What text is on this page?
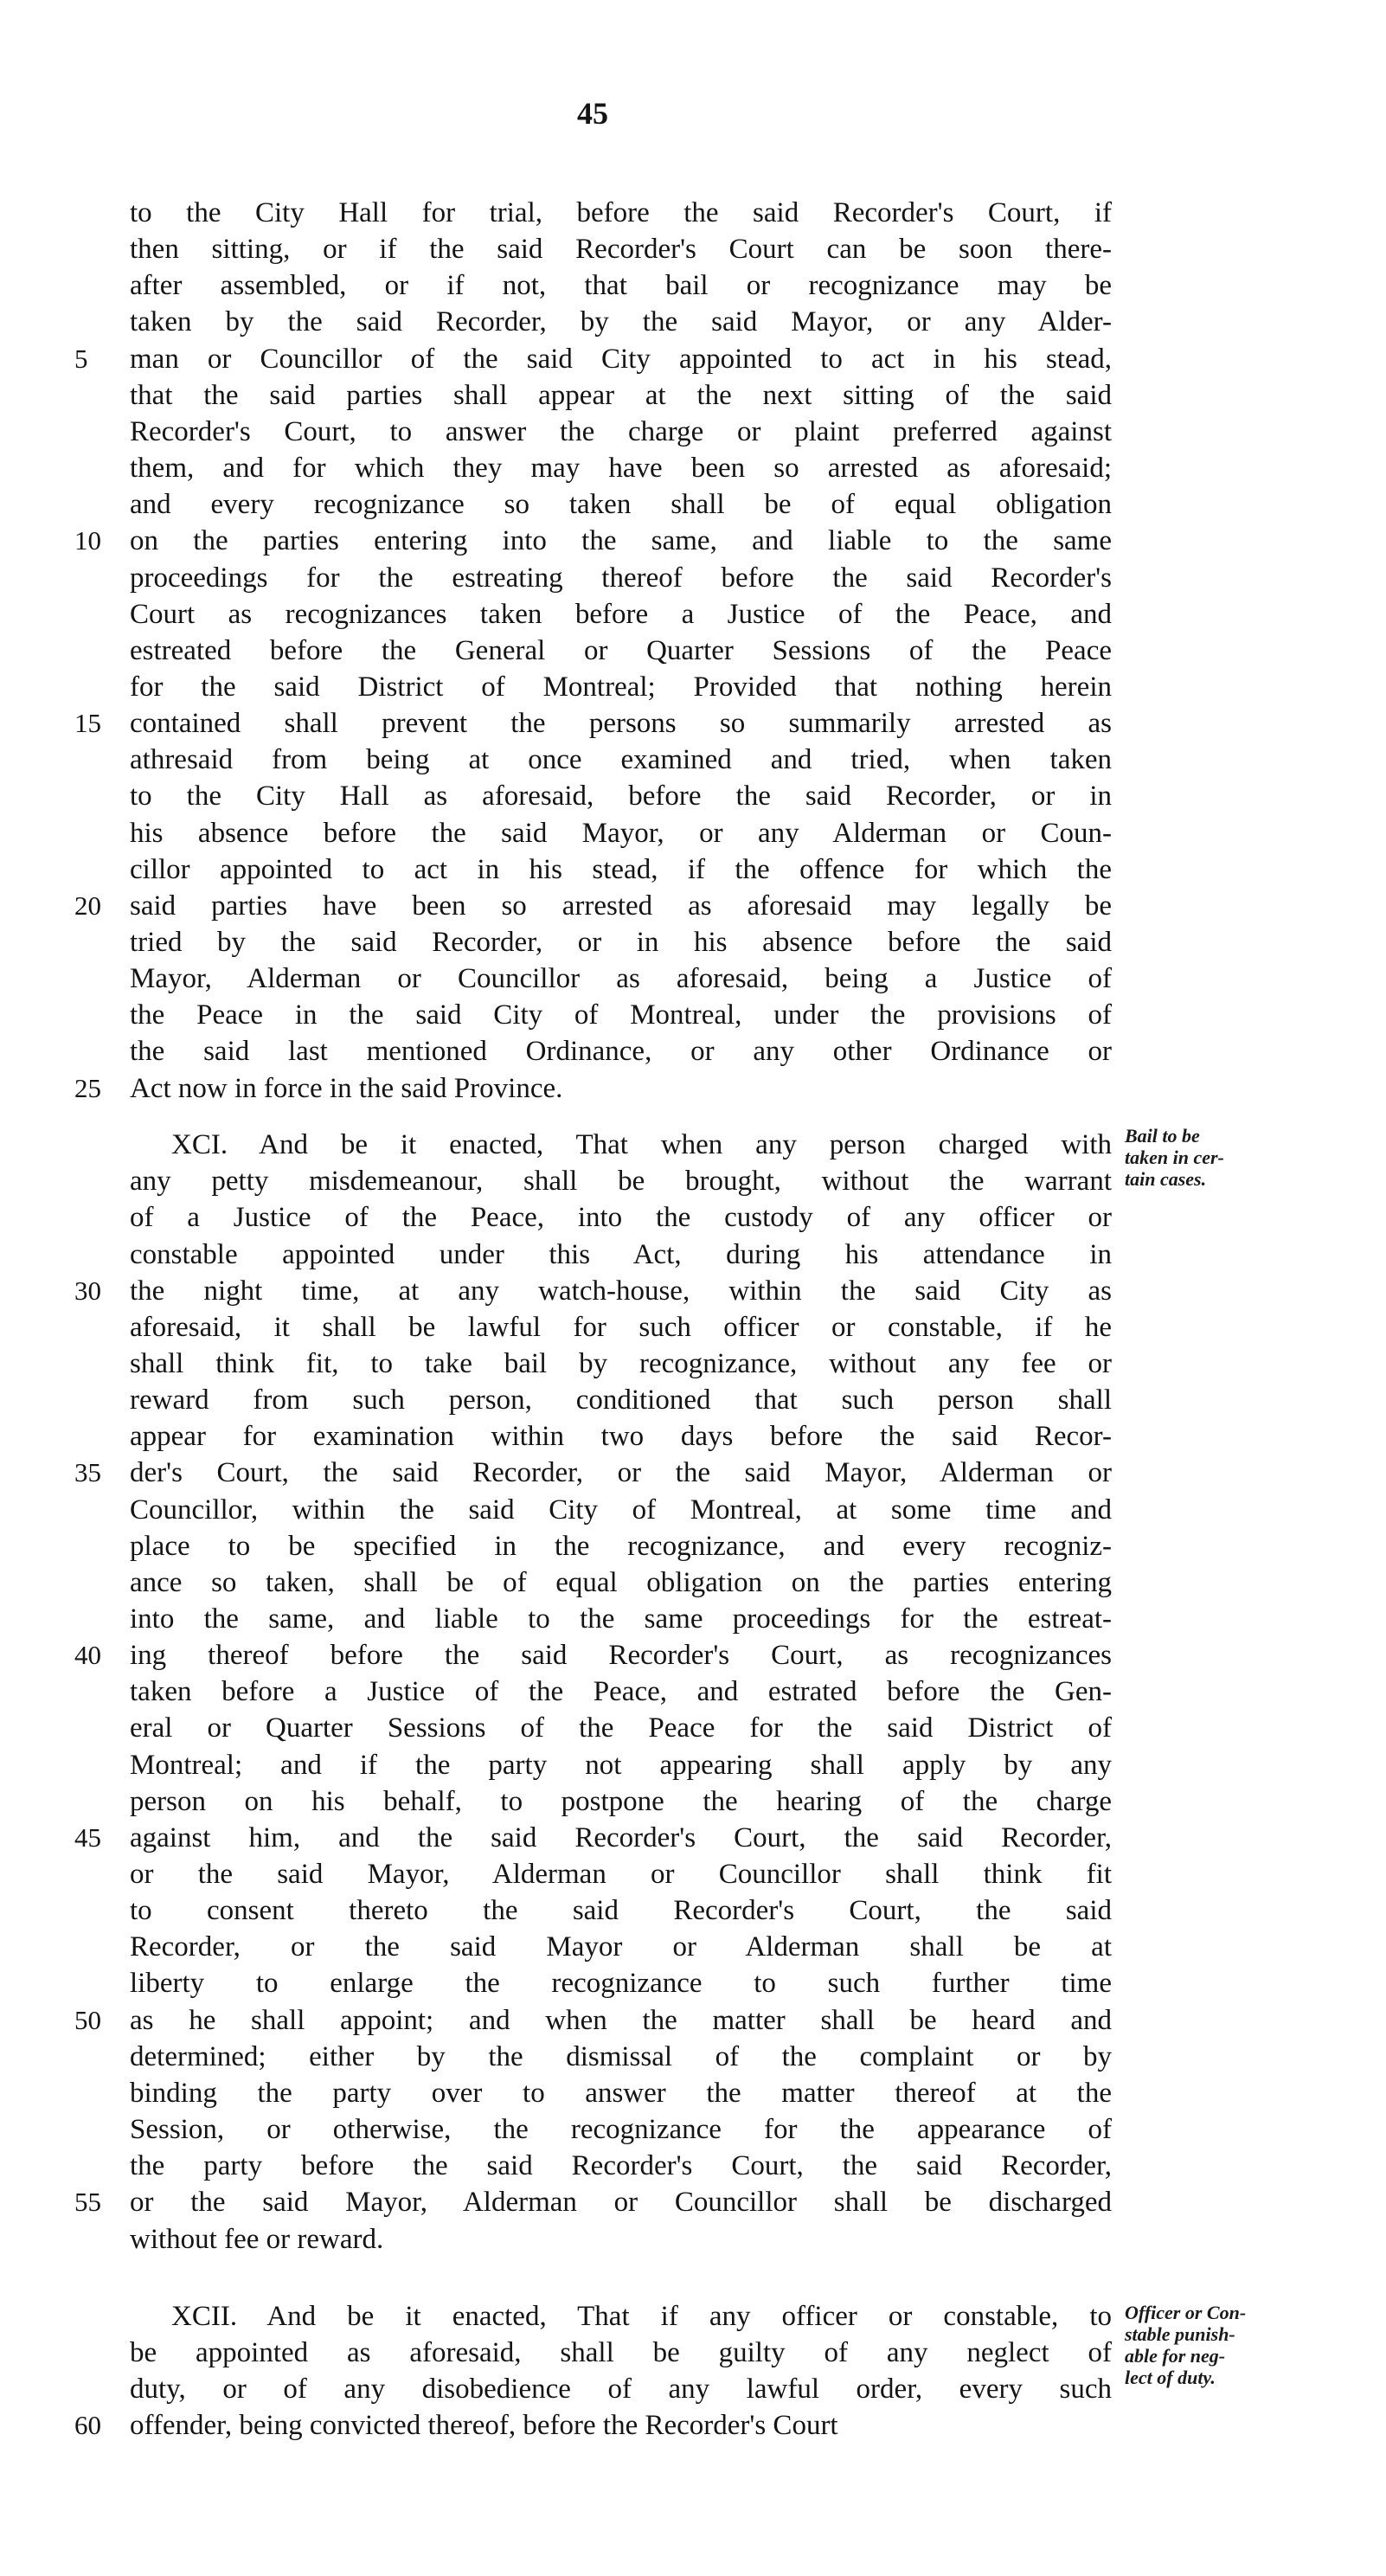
45
to the City Hall for trial, before the said Recorder's Court, if
then sitting, or if the said Recorder's Court can be soon there-
after assembled, or if not, that bail or recognizance may be
taken by the said Recorder, by the said Mayor, or any Alder-
man or Councillor of the said City appointed to act in his stead,
that the said parties shall appear at the next sitting of the said
Recorder's Court, to answer the charge or plaint preferred against
them, and for which they may have been so arrested as aforesaid;
and every recognizance so taken shall be of equal obligation
on the parties entering into the same, and liable to the same
proceedings for the estreating thereof before the said Recorder's
Court as recognizances taken before a Justice of the Peace, and
estreated before the General or Quarter Sessions of the Peace
for the said District of Montreal; Provided that nothing herein
contained shall prevent the persons so summarily arrested as
athresaid from being at once examined and tried, when taken
to the City Hall as aforesaid, before the said Recorder, or in
his absence before the said Mayor, or any Alderman or Coun-
cillor appointed to act in his stead, if the offence for which the
said parties have been so arrested as aforesaid may legally be
tried by the said Recorder, or in his absence before the said
Mayor, Alderman or Councillor as aforesaid, being a Justice of
the Peace in the said City of Montreal, under the provisions of
the said last mentioned Ordinance, or any other Ordinance or
Act now in force in the said Province.
XCI. And be it enacted, That when any person charged with
any petty misdemeanour, shall be brought, without the warrant
of a Justice of the Peace, into the custody of any officer or
constable appointed under this Act, during his attendance in
the night time, at any watch-house, within the said City as
aforesaid, it shall be lawful for such officer or constable, if he
shall think fit, to take bail by recognizance, without any fee or
reward from such person, conditioned that such person shall
appear for examination within two days before the said Recor-
der's Court, the said Recorder, or the said Mayor, Alderman or
Councillor, within the said City of Montreal, at some time and
place to be specified in the recognizance, and every recogniz-
ance so taken, shall be of equal obligation on the parties entering
into the same, and liable to the same proceedings for the estreat-
ing thereof before the said Recorder's Court, as recognizances
taken before a Justice of the Peace, and estrated before the Gen-
eral or Quarter Sessions of the Peace for the said District of
Montreal; and if the party not appearing shall apply by any
person on his behalf, to postpone the hearing of the charge
against him, and the said Recorder's Court, the said Recorder,
or the said Mayor, Alderman or Councillor shall think fit
to consent thereto the said Recorder's Court, the said
Recorder, or the said Mayor or Alderman shall be at
liberty to enlarge the recognizance to such further time
as he shall appoint; and when the matter shall be heard and
determined; either by the dismissal of the complaint or by
binding the party over to answer the matter thereof at the
Session, or otherwise, the recognizance for the appearance of
the party before the said Recorder's Court, the said Recorder,
or the said Mayor, Alderman or Councillor shall be discharged
without fee or reward.
XCII. And be it enacted, That if any officer or constable, to
be appointed as aforesaid, shall be guilty of any neglect of
duty, or of any disobedience of any lawful order, every such
offender, being convicted thereof, before the Recorder's Court
5
10
15
20
25
30
35
40
45
50
55
60
Bail to be
taken in cer-
tain cases.
Officer or Con-
stable punish-
able for neg-
lect of duty.
